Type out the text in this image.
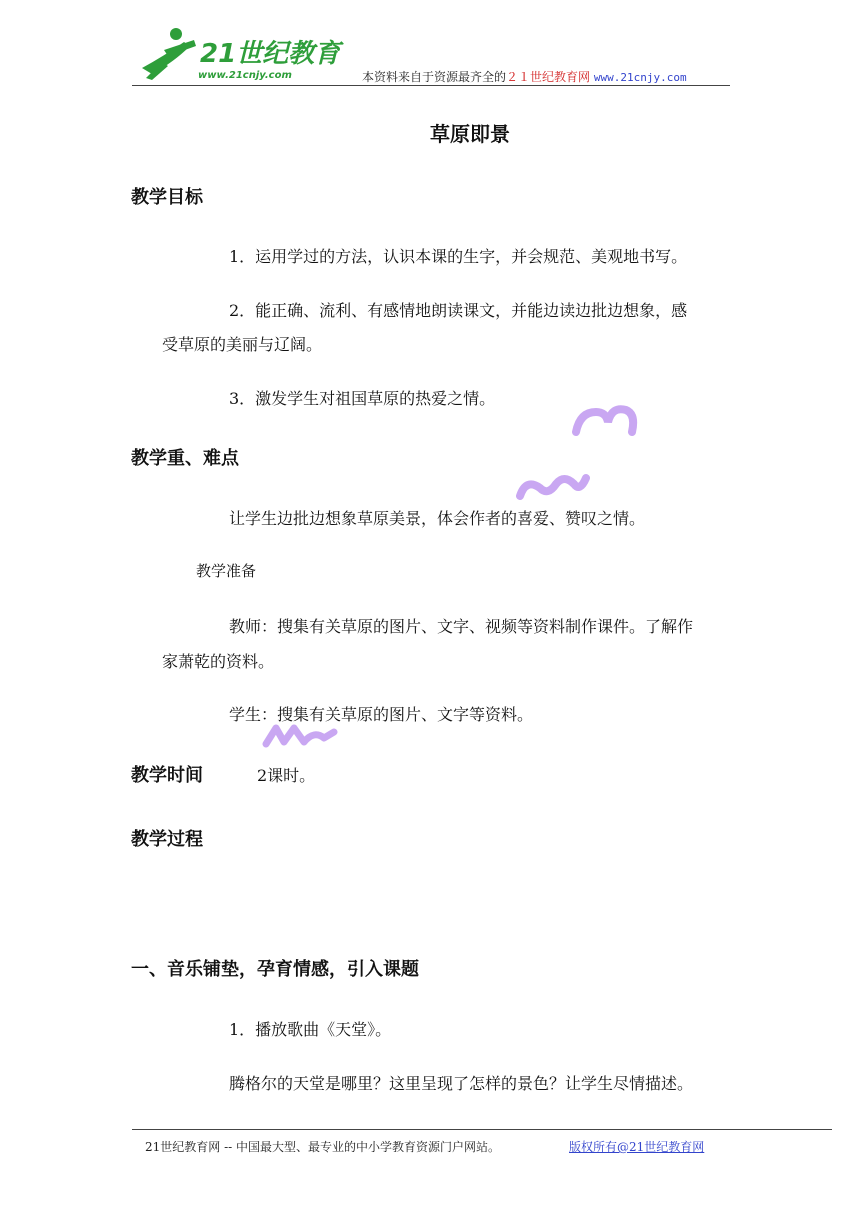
21世纪教育
www.21cnjy.com	本资料来自于资源最齐全的２１世纪教育网 www.21cnjy.com
草原即景
教学目标
1．运用学过的方法，认识本课的生字，并会规范、美观地书写。
2．能正确、流利、有感情地朗读课文，并能边读边批边想象，感
受草原的美丽与辽阔。
3．激发学生对祖国草原的热爱之情。
教学重、难点
让学生边批边想象草原美景，体会作者的喜爱、赞叹之情。
教学准备
教师：搜集有关草原的图片、文字、视频等资料制作课件。了解作
家萧乾的资料。
学生：搜集有关草原的图片、文字等资料。
教学时间	2课时。
教学过程
一、音乐铺垫，孕育情感，引入课题
1．播放歌曲《天堂》。
腾格尔的天堂是哪里？这里呈现了怎样的景色？让学生尽情描述。
21世纪教育网 -- 中国最大型、最专业的中小学教育资源门户网站。	版权所有@21世纪教育网
